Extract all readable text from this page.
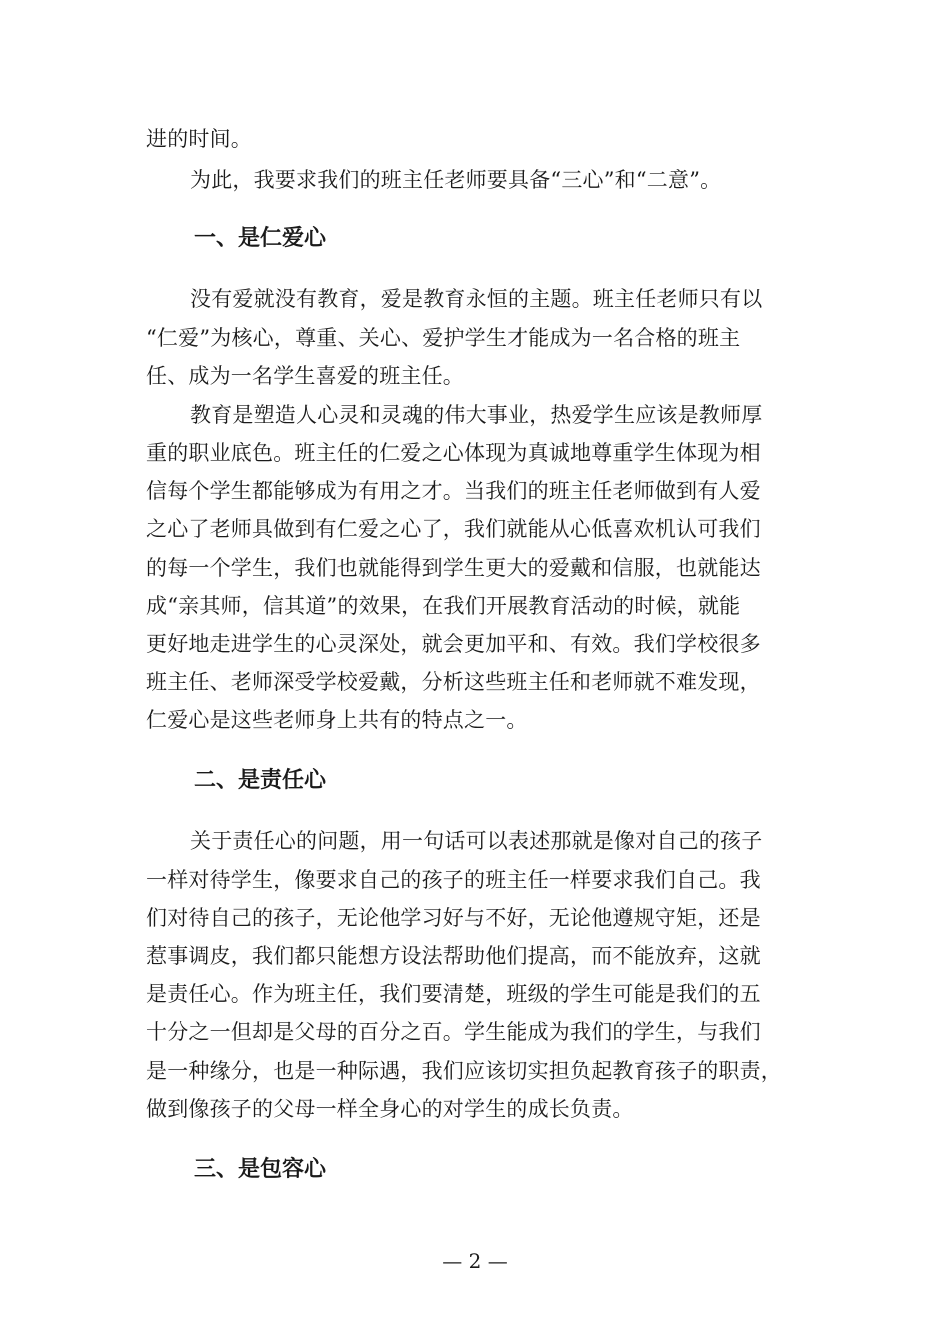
进的时间。
为此，我要求我们的班主任老师要具备“三心”和“二意”。
一、是仁爱心
没有爱就没有教育，爱是教育永恒的主题。班主任老师只有以
“仁爱”为核心，尊重、关心、爱护学生才能成为一名合格的班主
任、成为一名学生喜爱的班主任。
教育是塑造人心灵和灵魂的伟大事业，热爱学生应该是教师厚
重的职业底色。班主任的仁爱之心体现为真诚地尊重学生体现为相
信每个学生都能够成为有用之才。当我们的班主任老师做到有人爱
之心了老师具做到有仁爱之心了，我们就能从心低喜欢机认可我们
的每一个学生，我们也就能得到学生更大的爱戴和信服，也就能达
成“亲其师，信其道”的效果，在我们开展教育活动的时候，就能
更好地走进学生的心灵深处，就会更加平和、有效。我们学校很多
班主任、老师深受学校爱戴，分析这些班主任和老师就不难发现，
仁爱心是这些老师身上共有的特点之一。
二、是责任心
关于责任心的问题，用一句话可以表述那就是像对自己的孩子
一样对待学生，像要求自己的孩子的班主任一样要求我们自己。我
们对待自己的孩子，无论他学习好与不好，无论他遵规守矩，还是
惹事调皮，我们都只能想方设法帮助他们提高，而不能放弃，这就
是责任心。作为班主任，我们要清楚，班级的学生可能是我们的五
十分之一但却是父母的百分之百。学生能成为我们的学生，与我们
是一种缘分，也是一种际遇，我们应该切实担负起教育孩子的职责，
做到像孩子的父母一样全身心的对学生的成长负责。
三、是包容心
— 2 —
